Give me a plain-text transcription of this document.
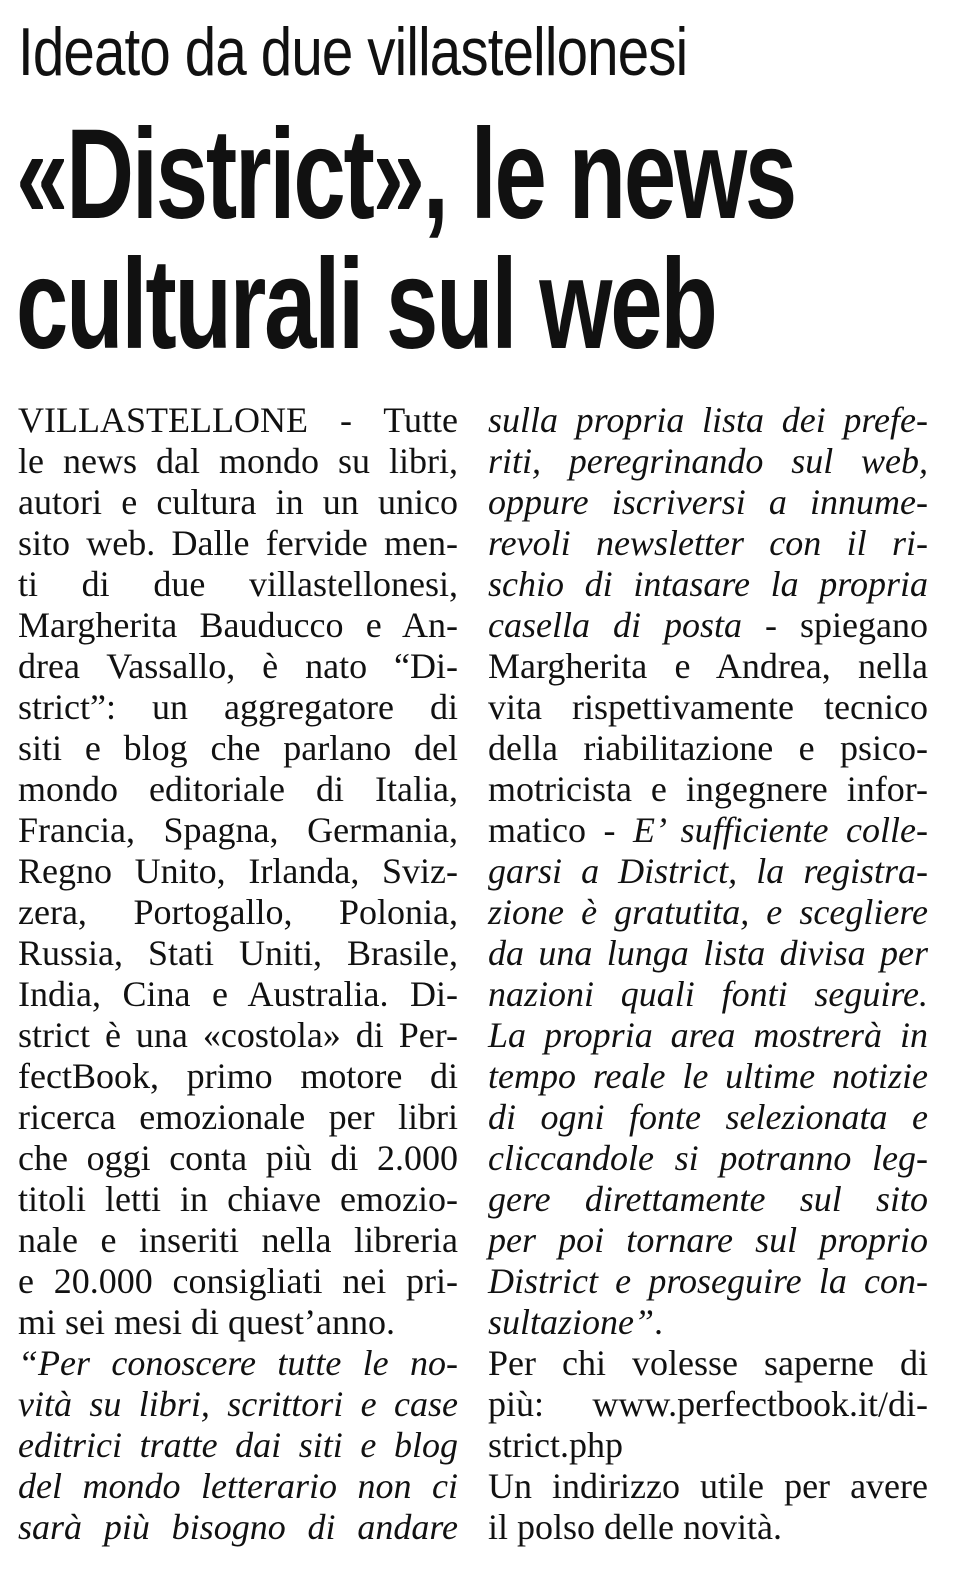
Ideato da due villastellonesi
«District», le news
culturali sul web
VILLASTELLONE - Tutte
le news dal mondo su libri,
autori e cultura in un unico
sito web. Dalle fervide men-
ti di due villastellonesi,
Margherita Bauducco e An-
drea Vassallo, è nato “Di-
strict”: un aggregatore di
siti e blog che parlano del
mondo editoriale di Italia,
Francia, Spagna, Germania,
Regno Unito, Irlanda, Sviz-
zera, Portogallo, Polonia,
Russia, Stati Uniti, Brasile,
India, Cina e Australia. Di-
strict è una «costola» di Per-
fectBook, primo motore di
ricerca emozionale per libri
che oggi conta più di 2.000
titoli letti in chiave emozio-
nale e inseriti nella libreria
e 20.000 consigliati nei pri-
mi sei mesi di quest’anno.
“Per conoscere tutte le no-
vità su libri, scrittori e case
editrici tratte dai siti e blog
del mondo letterario non ci
sarà più bisogno di andare
sulla propria lista dei prefe-
riti, peregrinando sul web,
oppure iscriversi a innume-
revoli newsletter con il ri-
schio di intasare la propria
casella di posta - spiegano
Margherita e Andrea, nella
vita rispettivamente tecnico
della riabilitazione e psico-
motricista e ingegnere infor-
matico - E’ sufficiente colle-
garsi a District, la registra-
zione è gratutita, e scegliere
da una lunga lista divisa per
nazioni quali fonti seguire.
La propria area mostrerà in
tempo reale le ultime notizie
di ogni fonte selezionata e
cliccandole si potranno leg-
gere direttamente sul sito
per poi tornare sul proprio
District e proseguire la con-
sultazione”.
Per chi volesse saperne di
più: www.perfectbook.it/di-
strict.php
Un indirizzo utile per avere
il polso delle novità.
